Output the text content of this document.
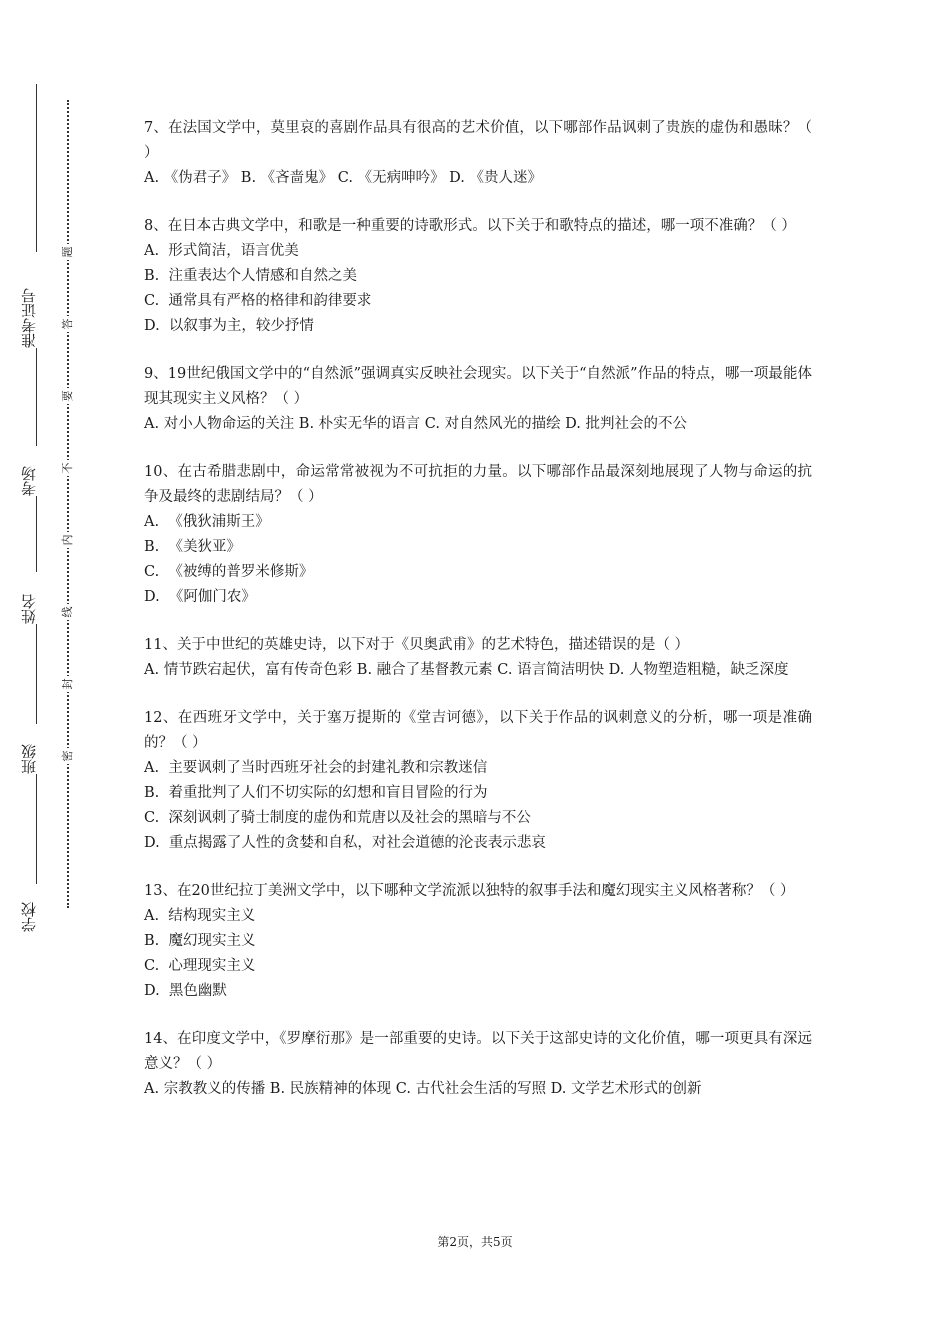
准考证号
考场
姓名
班级
学校
题
答
要
不
内
线
封
密
7、在法国文学中，莫里哀的喜剧作品具有很高的艺术价值，以下哪部作品讽刺了贵族的虚伪和愚昧？（ ）
A. 《伪君子》 B. 《吝啬鬼》 C. 《无病呻吟》 D. 《贵人迷》
8、在日本古典文学中，和歌是一种重要的诗歌形式。以下关于和歌特点的描述，哪一项不准确？（ ）
A.  形式简洁，语言优美
B.  注重表达个人情感和自然之美
C.  通常具有严格的格律和韵律要求
D.  以叙事为主，较少抒情
9、19世纪俄国文学中的“自然派”强调真实反映社会现实。以下关于“自然派”作品的特点，哪一项最能体现其现实主义风格？（ ）
A. 对小人物命运的关注 B. 朴实无华的语言 C. 对自然风光的描绘 D. 批判社会的不公
10、在古希腊悲剧中，命运常常被视为不可抗拒的力量。以下哪部作品最深刻地展现了人物与命运的抗争及最终的悲剧结局？（ ）
A.  《俄狄浦斯王》
B.  《美狄亚》
C.  《被缚的普罗米修斯》
D.  《阿伽门农》
11、关于中世纪的英雄史诗，以下对于《贝奥武甫》的艺术特色，描述错误的是（ ）
A. 情节跌宕起伏，富有传奇色彩 B. 融合了基督教元素 C. 语言简洁明快 D. 人物塑造粗糙，缺乏深度
12、在西班牙文学中，关于塞万提斯的《堂吉诃德》，以下关于作品的讽刺意义的分析，哪一项是准确的？（ ）
A.  主要讽刺了当时西班牙社会的封建礼教和宗教迷信
B.  着重批判了人们不切实际的幻想和盲目冒险的行为
C.  深刻讽刺了骑士制度的虚伪和荒唐以及社会的黑暗与不公
D.  重点揭露了人性的贪婪和自私，对社会道德的沦丧表示悲哀
13、在20世纪拉丁美洲文学中，以下哪种文学流派以独特的叙事手法和魔幻现实主义风格著称？（ ）
A.  结构现实主义
B.  魔幻现实主义
C.  心理现实主义
D.  黑色幽默
14、在印度文学中，《罗摩衍那》是一部重要的史诗。以下关于这部史诗的文化价值，哪一项更具有深远意义？（ ）
A. 宗教教义的传播 B. 民族精神的体现 C. 古代社会生活的写照 D. 文学艺术形式的创新
第2页，共5页
